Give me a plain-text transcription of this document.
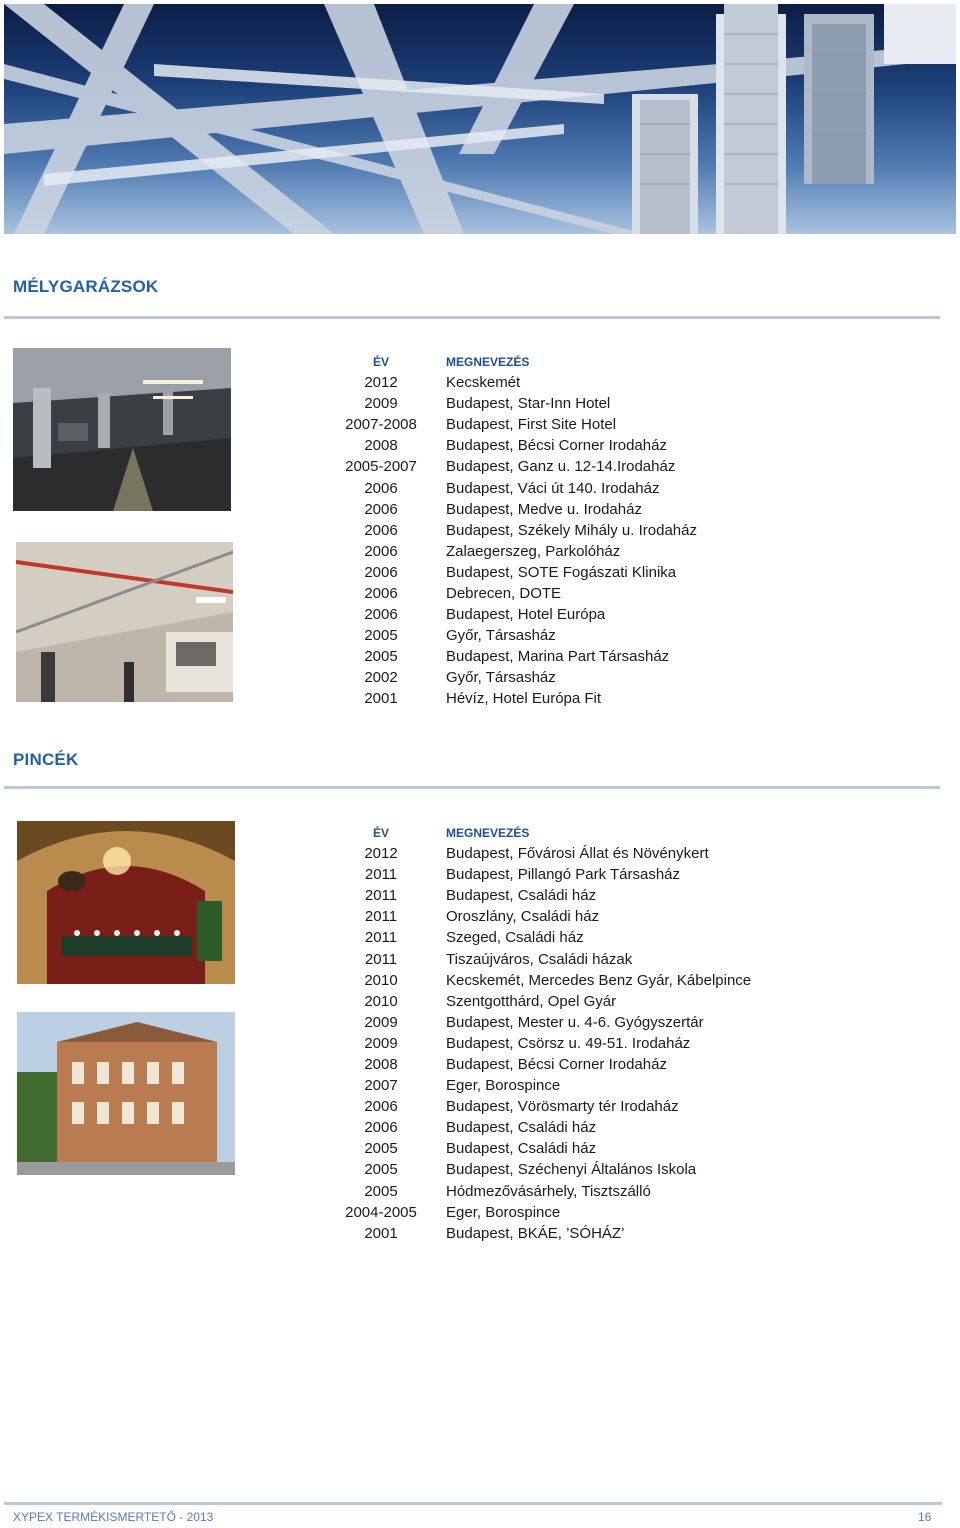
MÉLYGARÁZSOK
ÉV	MEGNEVEZÉS
2012	Kecskemét
2009	Budapest, Star-Inn Hotel
2007-2008	Budapest, First Site Hotel
2008	Budapest, Bécsi Corner Irodaház
2005-2007	Budapest, Ganz u. 12-14.Irodaház
2006	Budapest, Váci út 140. Irodaház
2006	Budapest, Medve u. Irodaház
2006	Budapest, Székely Mihály u. Irodaház
2006	Zalaegerszeg, Parkolóház
2006	Budapest, SOTE Fogászati Klinika
2006	Debrecen, DOTE
2006	Budapest, Hotel Európa
2005	Győr, Társasház
2005	Budapest, Marina Part Társasház
2002	Győr, Társasház
2001	Hévíz, Hotel Európa Fit
PINCÉK
ÉV	MEGNEVEZÉS
2012	Budapest, Fővárosi Állat és Növénykert
2011	Budapest, Pillangó Park Társasház
2011	Budapest, Családi ház
2011	Oroszlány, Családi ház
2011	Szeged, Családi ház
2011	Tiszaújváros, Családi házak
2010	Kecskemét, Mercedes Benz Gyár, Kábelpince
2010	Szentgotthárd, Opel Gyár
2009	Budapest, Mester u. 4-6. Gyógyszertár
2009	Budapest, Csörsz u. 49-51. Irodaház
2008	Budapest, Bécsi Corner Irodaház
2007	Eger, Borospince
2006	Budapest, Vörösmarty tér Irodaház
2006	Budapest, Családi ház
2005	Budapest, Családi ház
2005	Budapest, Széchenyi Általános Iskola
2005	Hódmezővásárhely, Tisztszálló
2004-2005	Eger, Borospince
2001	Budapest, BKÁE, ’SÓHÁZ’
XYPEX TERMÉKISMERTETŐ - 2013	16
